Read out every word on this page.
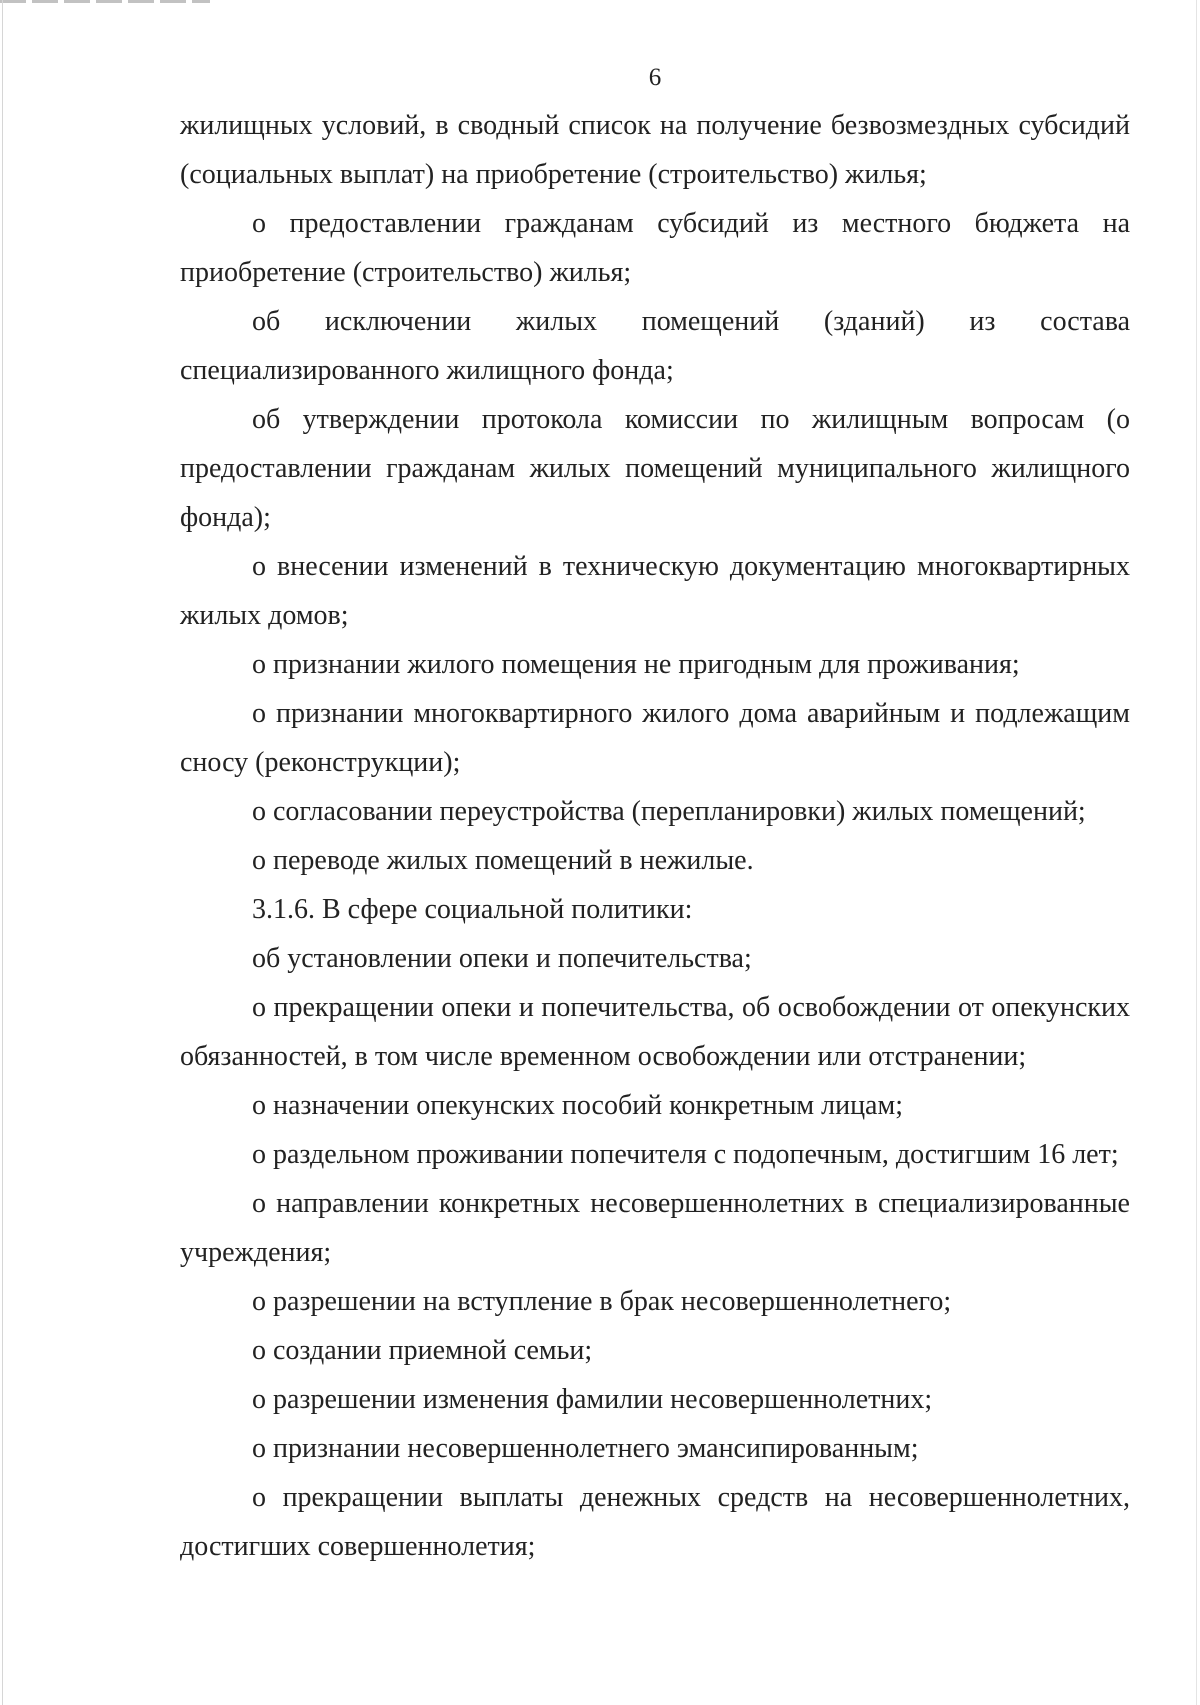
6

жилищных условий, в сводный список на получение безвозмездных субсидий (социальных выплат) на приобретение (строительство) жилья;

о предоставлении гражданам субсидий из местного бюджета на приобретение (строительство) жилья;

об исключении жилых помещений (зданий) из состава специализированного жилищного фонда;

об утверждении протокола комиссии по жилищным вопросам (о предоставлении гражданам жилых помещений муниципального жилищного фонда);

о внесении изменений в техническую документацию многоквартирных жилых домов;

о признании жилого помещения не пригодным для проживания;

о признании многоквартирного жилого дома аварийным и подлежащим сносу (реконструкции);

о согласовании переустройства (перепланировки) жилых помещений;

о переводе жилых помещений в нежилые.

3.1.6. В сфере социальной политики:

об установлении опеки и попечительства;

о прекращении опеки и попечительства, об освобождении от опекунских обязанностей, в том числе временном освобождении или отстранении;

о назначении опекунских пособий конкретным лицам;

о раздельном проживании попечителя с подопечным, достигшим 16 лет;

о направлении конкретных несовершеннолетних в специализированные учреждения;

о разрешении на вступление в брак несовершеннолетнего;

о создании приемной семьи;

о разрешении изменения фамилии несовершеннолетних;

о признании несовершеннолетнего эмансипированным;

о прекращении выплаты денежных средств на несовершеннолетних, достигших совершеннолетия;
